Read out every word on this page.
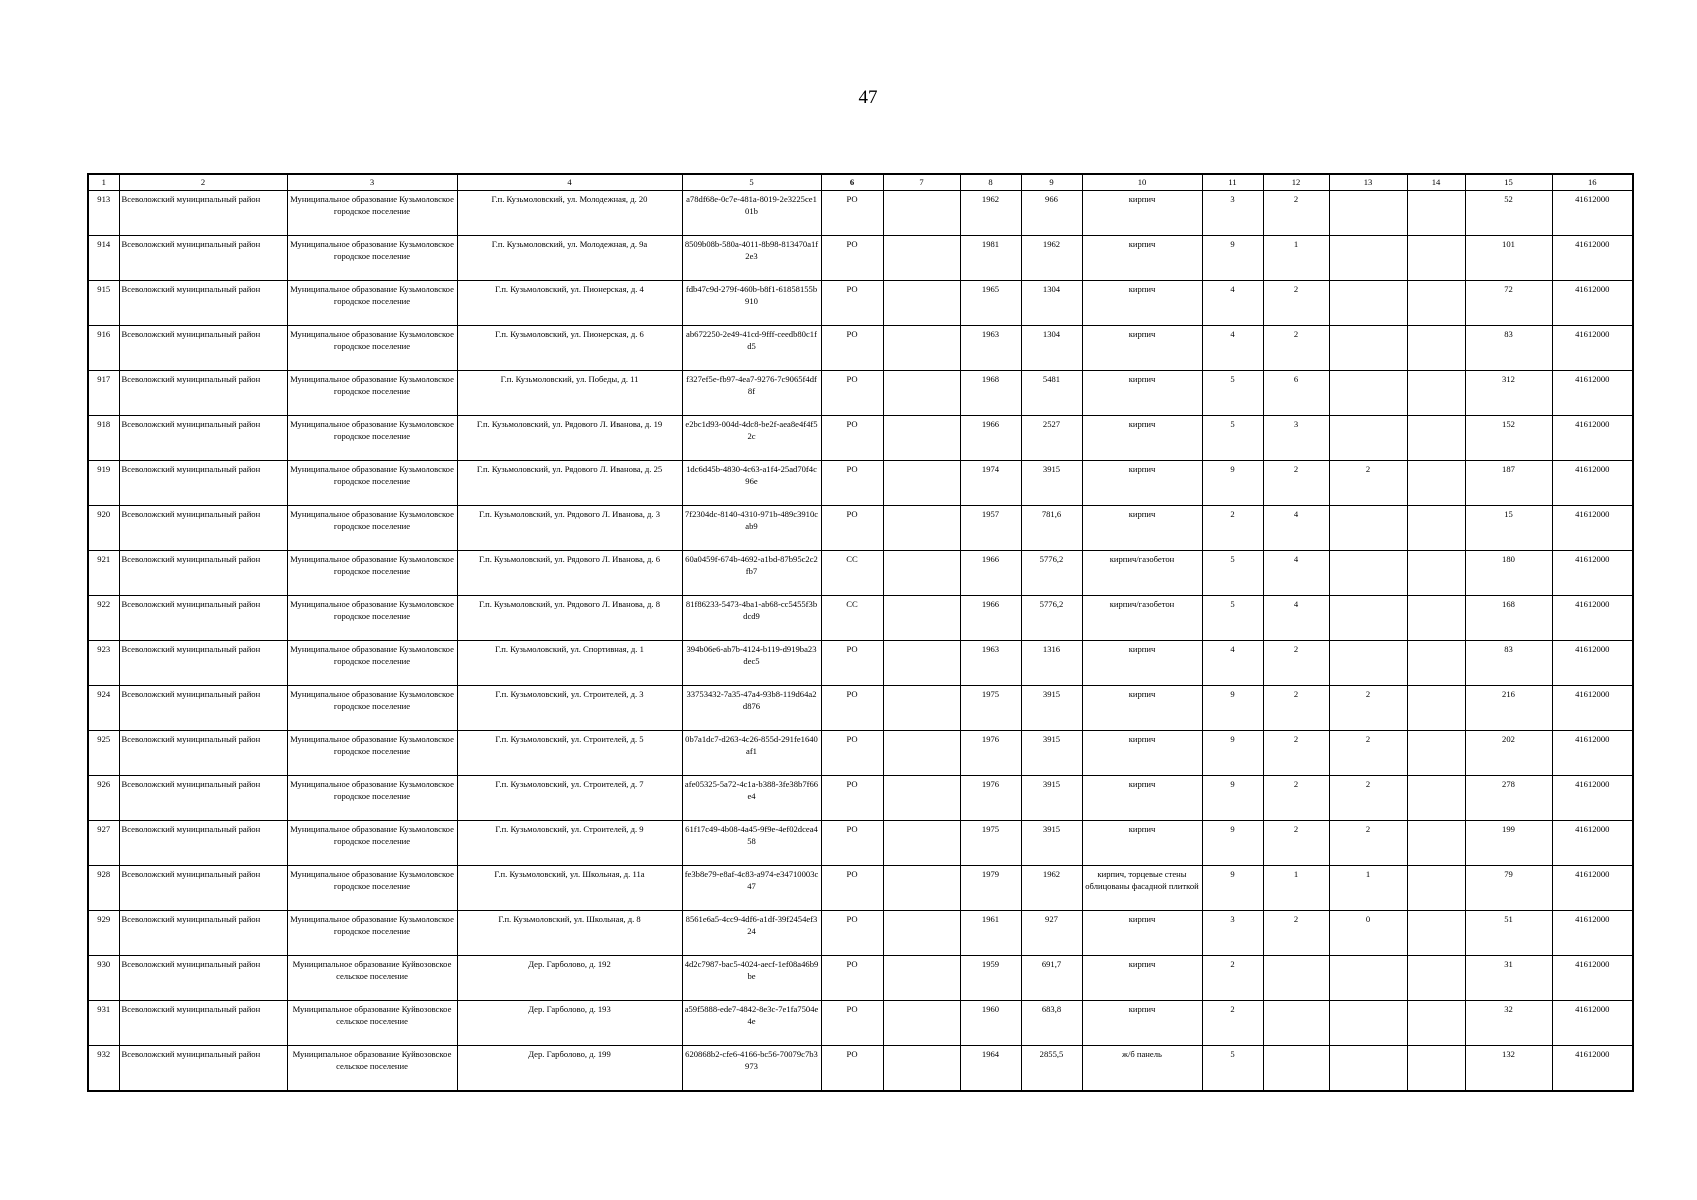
47
1	2	3	4	5	6	7	8	9	10	11	12	13	14	15	16
913	Всеволожский муниципальный район	Муниципальное образование Кузьмоловское городское поселение	Г.п. Кузьмоловский, ул. Молодежная, д. 20	a78df68e-0c7e-481a-8019-2e3225ce101b	РО		1962	966	кирпич	3	2			52	41612000
914	Всеволожский муниципальный район	Муниципальное образование Кузьмоловское городское поселение	Г.п. Кузьмоловский, ул. Молодежная, д. 9а	8509b08b-580a-4011-8b98-813470a1f2e3	РО		1981	1962	кирпич	9	1			101	41612000
915	Всеволожский муниципальный район	Муниципальное образование Кузьмоловское городское поселение	Г.п. Кузьмоловский, ул. Пионерская, д. 4	fdb47c9d-279f-460b-b8f1-61858155b910	РО		1965	1304	кирпич	4	2			72	41612000
916	Всеволожский муниципальный район	Муниципальное образование Кузьмоловское городское поселение	Г.п. Кузьмоловский, ул. Пионерская, д. 6	ab672250-2e49-41cd-9fff-ceedb80c1fd5	РО		1963	1304	кирпич	4	2			83	41612000
917	Всеволожский муниципальный район	Муниципальное образование Кузьмоловское городское поселение	Г.п. Кузьмоловский, ул. Победы, д. 11	f327ef5e-fb97-4ea7-9276-7c9065f4df8f	РО		1968	5481	кирпич	5	6			312	41612000
918	Всеволожский муниципальный район	Муниципальное образование Кузьмоловское городское поселение	Г.п. Кузьмоловский, ул. Рядового Л. Иванова, д. 19	e2bc1d93-004d-4dc8-be2f-aea8e4f4f52c	РО		1966	2527	кирпич	5	3			152	41612000
919	Всеволожский муниципальный район	Муниципальное образование Кузьмоловское городское поселение	Г.п. Кузьмоловский, ул. Рядового Л. Иванова, д. 25	1dc6d45b-4830-4c63-a1f4-25ad70f4c96e	РО		1974	3915	кирпич	9	2	2		187	41612000
920	Всеволожский муниципальный район	Муниципальное образование Кузьмоловское городское поселение	Г.п. Кузьмоловский, ул. Рядового Л. Иванова, д. 3	7f2304dc-8140-4310-971b-489c3910cab9	РО		1957	781,6	кирпич	2	4			15	41612000
921	Всеволожский муниципальный район	Муниципальное образование Кузьмоловское городское поселение	Г.п. Кузьмоловский, ул. Рядового Л. Иванова, д. 6	60a0459f-674b-4692-a1bd-87b95c2c2fb7	СС		1966	5776,2	кирпич/газобетон	5	4			180	41612000
922	Всеволожский муниципальный район	Муниципальное образование Кузьмоловское городское поселение	Г.п. Кузьмоловский, ул. Рядового Л. Иванова, д. 8	81f86233-5473-4ba1-ab68-cc5455f3bdcd9	СС		1966	5776,2	кирпич/газобетон	5	4			168	41612000
923	Всеволожский муниципальный район	Муниципальное образование Кузьмоловское городское поселение	Г.п. Кузьмоловский, ул. Спортивная, д. 1	394b06e6-ab7b-4124-b119-d919ba23dec5	РО		1963	1316	кирпич	4	2			83	41612000
924	Всеволожский муниципальный район	Муниципальное образование Кузьмоловское городское поселение	Г.п. Кузьмоловский, ул. Строителей, д. 3	33753432-7a35-47a4-93b8-119d64a2d876	РО		1975	3915	кирпич	9	2	2		216	41612000
925	Всеволожский муниципальный район	Муниципальное образование Кузьмоловское городское поселение	Г.п. Кузьмоловский, ул. Строителей, д. 5	0b7a1dc7-d263-4c26-855d-291fe1640af1	РО		1976	3915	кирпич	9	2	2		202	41612000
926	Всеволожский муниципальный район	Муниципальное образование Кузьмоловское городское поселение	Г.п. Кузьмоловский, ул. Строителей, д. 7	afe05325-5a72-4c1a-b388-3fe38b7f66e4	РО		1976	3915	кирпич	9	2	2		278	41612000
927	Всеволожский муниципальный район	Муниципальное образование Кузьмоловское городское поселение	Г.п. Кузьмоловский, ул. Строителей, д. 9	61f17c49-4b08-4a45-9f9e-4ef02dcea458	РО		1975	3915	кирпич	9	2	2		199	41612000
928	Всеволожский муниципальный район	Муниципальное образование Кузьмоловское городское поселение	Г.п. Кузьмоловский, ул. Школьная, д. 11а	fe3b8e79-e8af-4c83-a974-e34710003c47	РО		1979	1962	кирпич, торцевые стены облицованы фасадной плиткой	9	1	1		79	41612000
929	Всеволожский муниципальный район	Муниципальное образование Кузьмоловское городское поселение	Г.п. Кузьмоловский, ул. Школьная, д. 8	8561e6a5-4cc9-4df6-a1df-39f2454ef324	РО		1961	927	кирпич	3	2	0		51	41612000
930	Всеволожский муниципальный район	Муниципальное образование Куйвозовское сельское поселение	Дер. Гарболово, д. 192	4d2c7987-bac5-4024-aecf-1ef08a46b9be	РО		1959	691,7	кирпич	2				31	41612000
931	Всеволожский муниципальный район	Муниципальное образование Куйвозовское сельское поселение	Дер. Гарболово, д. 193	a59f5888-ede7-4842-8e3c-7e1fa7504e4e	РО		1960	683,8	кирпич	2				32	41612000
932	Всеволожский муниципальный район	Муниципальное образование Куйвозовское сельское поселение	Дер. Гарболово, д. 199	620868b2-cfe6-4166-bc56-70079c7b3973	РО		1964	2855,5	ж/б панель	5				132	41612000
